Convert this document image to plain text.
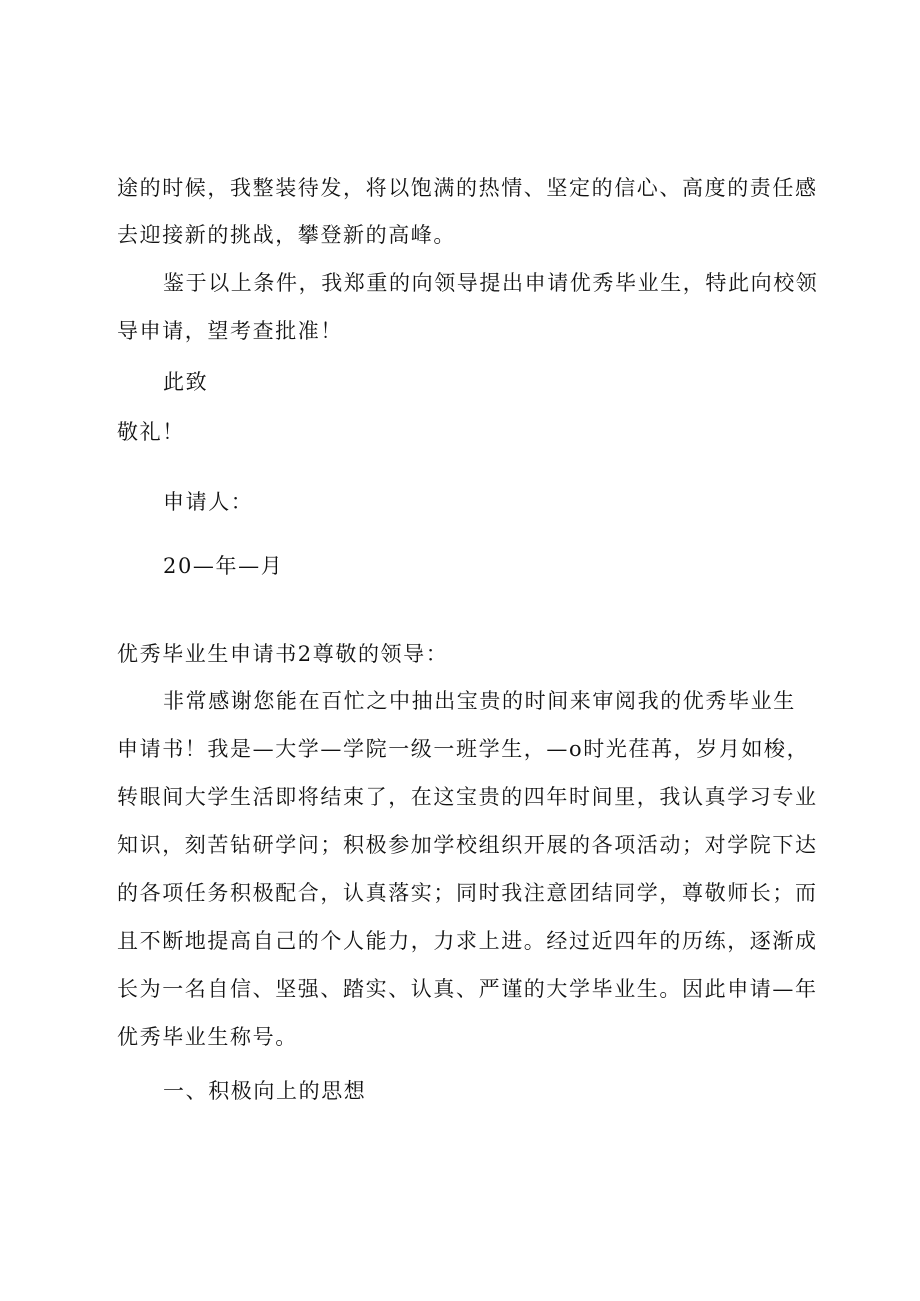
途的时候，我整装待发，将以饱满的热情、坚定的信心、高度的责任感
去迎接新的挑战，攀登新的高峰。
鉴于以上条件，我郑重的向领导提出申请优秀毕业生，特此向校领
导申请，望考查批准！
此致
敬礼！
申请人：
20—年—月
优秀毕业生申请书2尊敬的领导：
非常感谢您能在百忙之中抽出宝贵的时间来审阅我的优秀毕业生
申请书！我是—大学—学院一级一班学生，—o时光荏苒，岁月如梭，
转眼间大学生活即将结束了，在这宝贵的四年时间里，我认真学习专业
知识，刻苦钻研学问；积极参加学校组织开展的各项活动；对学院下达
的各项任务积极配合，认真落实；同时我注意团结同学，尊敬师长；而
且不断地提高自己的个人能力，力求上进。经过近四年的历练，逐渐成
长为一名自信、坚强、踏实、认真、严谨的大学毕业生。因此申请—年
优秀毕业生称号。
一、积极向上的思想
